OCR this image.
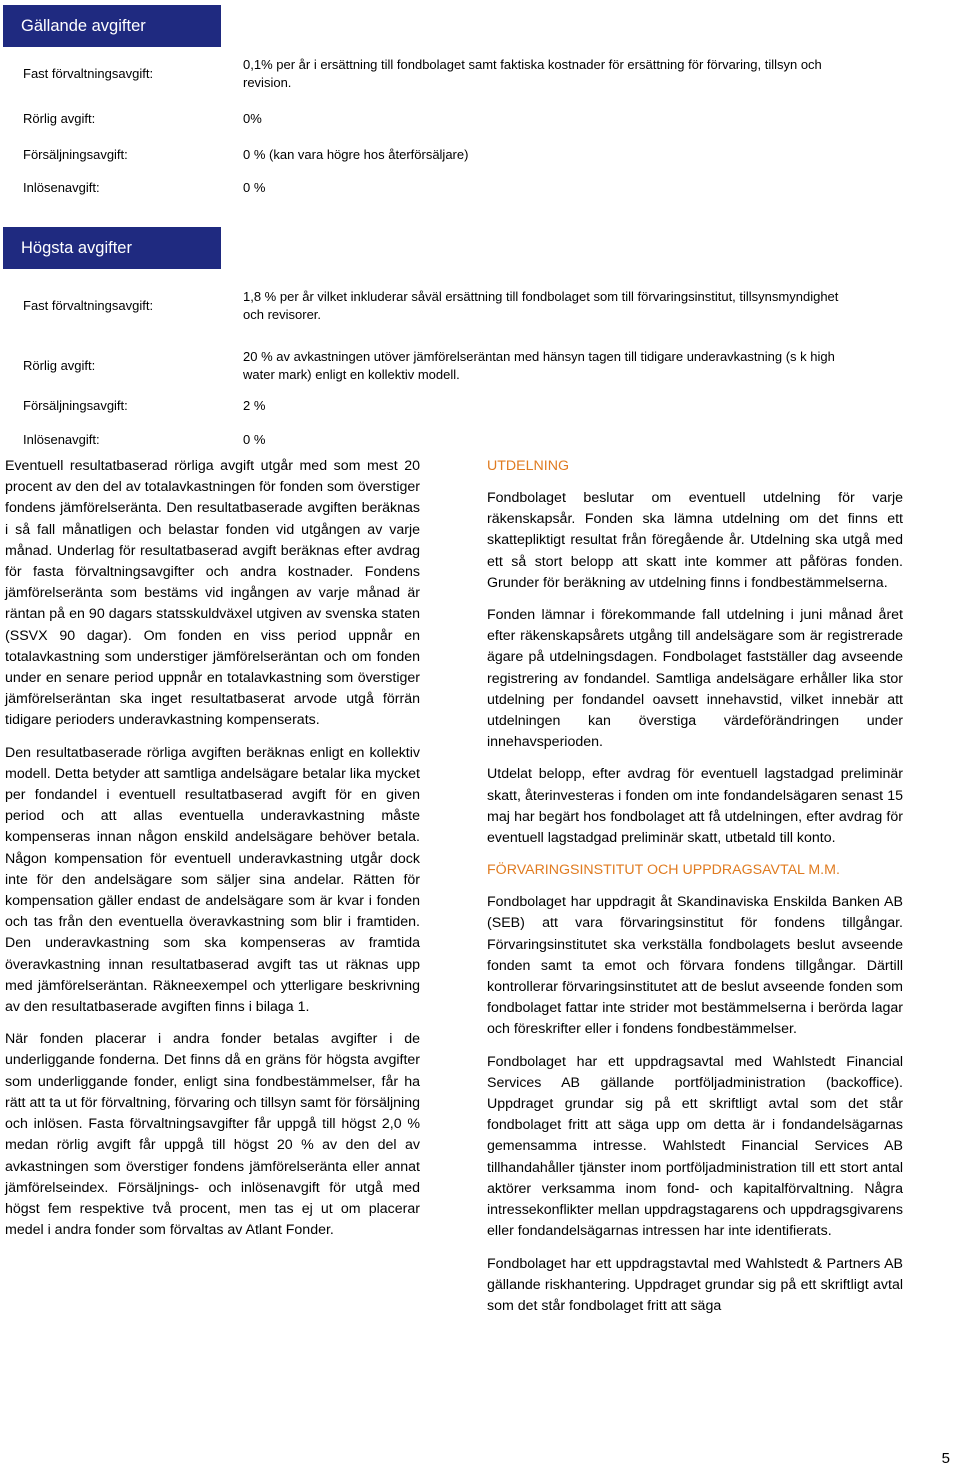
Gällande avgifter
Fast förvaltningsavgift:
0,1% per år i ersättning till fondbolaget samt faktiska kostnader för ersättning för förvaring, tillsyn och revision.
Rörlig avgift:	0%
Försäljningsavgift:	0 % (kan vara högre hos återförsäljare)
Inlösenavgift:	0 %
Högsta avgifter
Fast förvaltningsavgift:
1,8 % per år vilket inkluderar såväl ersättning till fondbolaget som till förvaringsinstitut, tillsynsmyndighet och revisorer.
Rörlig avgift:
20 % av avkastningen utöver jämförelseräntan med hänsyn tagen till tidigare underavkastning (s k high water mark) enligt en kollektiv modell.
Försäljningsavgift:	2 %
Inlösenavgift:	0 %

Eventuell resultatbaserad rörliga avgift utgår med som mest 20 procent av den del av totalavkastningen för fonden som överstiger fondens jämförelseränta. Den resultatbaserade avgiften beräknas i så fall månatligen och belastar fonden vid utgången av varje månad. Underlag för resultatbaserad avgift beräknas efter avdrag för fasta förvaltningsavgifter och andra kostnader. Fondens jämförelseränta som bestäms vid ingången av varje månad är räntan på en 90 dagars statsskuldväxel utgiven av svenska staten (SSVX 90 dagar). Om fonden en viss period uppnår en totalavkastning som understiger jämförelseräntan och om fonden under en senare period uppnår en totalavkastning som överstiger jämförelseräntan ska inget resultatbaserat arvode utgå förrän tidigare perioders underavkastning kompenserats.

Den resultatbaserade rörliga avgiften beräknas enligt en kollektiv modell. Detta betyder att samtliga andelsägare betalar lika mycket per fondandel i eventuell resultatbaserad avgift för en given period och att allas eventuella underavkastning måste kompenseras innan någon enskild andelsägare behöver betala. Någon kompensation för eventuell underavkastning utgår dock inte för den andelsägare som säljer sina andelar. Rätten för kompensation gäller endast de andelsägare som är kvar i fonden och tas från den eventuella överavkastning som blir i framtiden. Den underavkastning som ska kompenseras av framtida överavkastning innan resultatbaserad avgift tas ut räknas upp med jämförelseräntan. Räkneexempel och ytterligare beskrivning av den resultatbaserade avgiften finns i bilaga 1.

När fonden placerar i andra fonder betalas avgifter i de underliggande fonderna. Det finns då en gräns för högsta avgifter som underliggande fonder, enligt sina fondbestämmelser, får ha rätt att ta ut för förvaltning, förvaring och tillsyn samt för försäljning och inlösen. Fasta förvaltningsavgifter får uppgå till högst 2,0 % medan rörlig avgift får uppgå till högst 20 % av den del av avkastningen som överstiger fondens jämförelseränta eller annat jämförelseindex. Försäljnings- och inlösenavgift för utgå med högst fem respektive två procent, men tas ej ut om placerar medel i andra fonder som förvaltas av Atlant Fonder.

UTDELNING

Fondbolaget beslutar om eventuell utdelning för varje räkenskapsår. Fonden ska lämna utdelning om det finns ett skattepliktigt resultat från föregående år. Utdelning ska utgå med ett så stort belopp att skatt inte kommer att påföras fonden. Grunder för beräkning av utdelning finns i fondbestämmelserna.

Fonden lämnar i förekommande fall utdelning i juni månad året efter räkenskapsårets utgång till andelsägare som är registrerade ägare på utdelningsdagen. Fondbolaget fastställer dag avseende registrering av fondandel. Samtliga andelsägare erhåller lika stor utdelning per fondandel oavsett innehavstid, vilket innebär att utdelningen kan överstiga värdeförändringen under innehavsperioden.

Utdelat belopp, efter avdrag för eventuell lagstadgad preliminär skatt, återinvesteras i fonden om inte fondandelsägaren senast 15 maj har begärt hos fondbolaget att få utdelningen, efter avdrag för eventuell lagstadgad preliminär skatt, utbetald till konto.

FÖRVARINGSINSTITUT OCH UPPDRAGSAVTAL M.M.

Fondbolaget har uppdragit åt Skandinaviska Enskilda Banken AB (SEB) att vara förvaringsinstitut för fondens tillgångar. Förvaringsinstitutet ska verkställa fondbolagets beslut avseende fonden samt ta emot och förvara fondens tillgångar. Därtill kontrollerar förvaringsinstitutet att de beslut avseende fonden som fondbolaget fattar inte strider mot bestämmelserna i berörda lagar och föreskrifter eller i fondens fondbestämmelser.

Fondbolaget har ett uppdragsavtal med Wahlstedt Financial Services AB gällande portföljadministration (backoffice). Uppdraget grundar sig på ett skriftligt avtal som det står fondbolaget fritt att säga upp om detta är i fondandelsägarnas gemensamma intresse. Wahlstedt Financial Services AB tillhandahåller tjänster inom portföljadministration till ett stort antal aktörer verksamma inom fond- och kapitalförvaltning. Några intressekonflikter mellan uppdragstagarens och uppdragsgivarens eller fondandelsägarnas intressen har inte identifierats.

Fondbolaget har ett uppdragstavtal med Wahlstedt & Partners AB gällande riskhantering. Uppdraget grundar sig på ett skriftligt avtal som det står fondbolaget fritt att säga

5
